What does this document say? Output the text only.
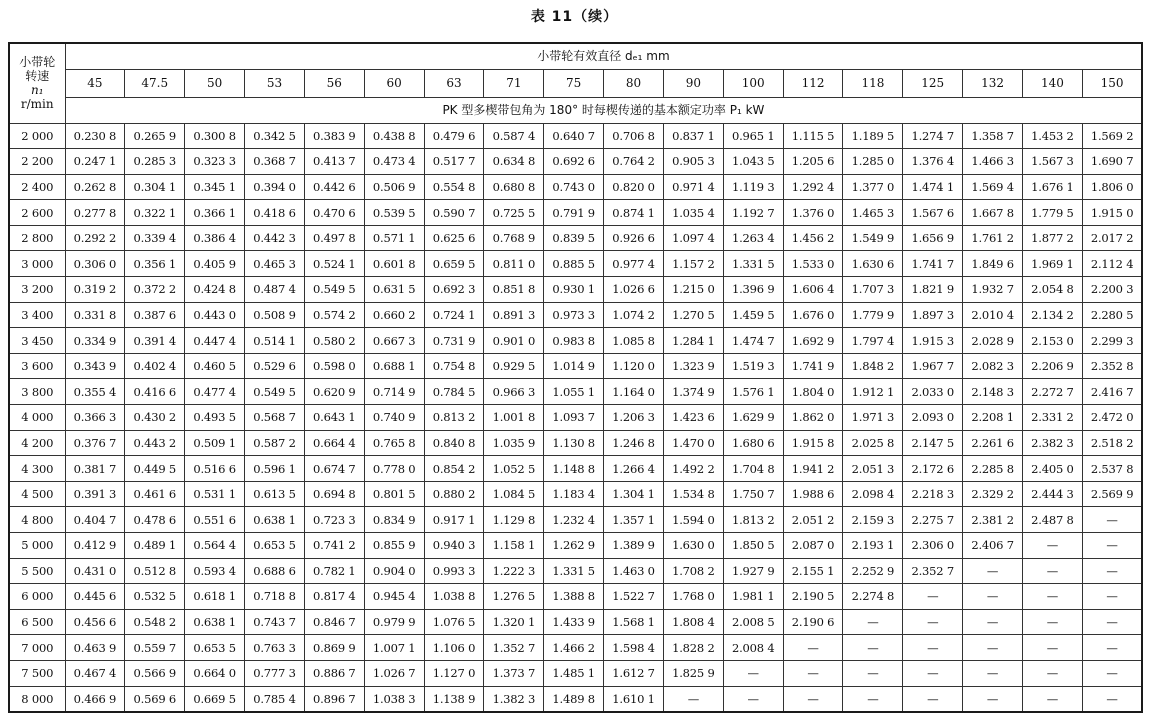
表 11（续）
小带轮
转速
n₁
r/min	小带轮有效直径 dₑ₁ mm																	
	45	47.5	50	53	56	60	63	71	75	80	90	100	112	118	125	132	140	150
	PK 型多楔带包角为 180° 时每楔传递的基本额定功率 P₁ kW																	
2 000	0.230 8	0.265 9	0.300 8	0.342 5	0.383 9	0.438 8	0.479 6	0.587 4	0.640 7	0.706 8	0.837 1	0.965 1	1.115 5	1.189 5	1.274 7	1.358 7	1.453 2	1.569 2
2 200	0.247 1	0.285 3	0.323 3	0.368 7	0.413 7	0.473 4	0.517 7	0.634 8	0.692 6	0.764 2	0.905 3	1.043 5	1.205 6	1.285 0	1.376 4	1.466 3	1.567 3	1.690 7
2 400	0.262 8	0.304 1	0.345 1	0.394 0	0.442 6	0.506 9	0.554 8	0.680 8	0.743 0	0.820 0	0.971 4	1.119 3	1.292 4	1.377 0	1.474 1	1.569 4	1.676 1	1.806 0
2 600	0.277 8	0.322 1	0.366 1	0.418 6	0.470 6	0.539 5	0.590 7	0.725 5	0.791 9	0.874 1	1.035 4	1.192 7	1.376 0	1.465 3	1.567 6	1.667 8	1.779 5	1.915 0
2 800	0.292 2	0.339 4	0.386 4	0.442 3	0.497 8	0.571 1	0.625 6	0.768 9	0.839 5	0.926 6	1.097 4	1.263 4	1.456 2	1.549 9	1.656 9	1.761 2	1.877 2	2.017 2
3 000	0.306 0	0.356 1	0.405 9	0.465 3	0.524 1	0.601 8	0.659 5	0.811 0	0.885 5	0.977 4	1.157 2	1.331 5	1.533 0	1.630 6	1.741 7	1.849 6	1.969 1	2.112 4
3 200	0.319 2	0.372 2	0.424 8	0.487 4	0.549 5	0.631 5	0.692 3	0.851 8	0.930 1	1.026 6	1.215 0	1.396 9	1.606 4	1.707 3	1.821 9	1.932 7	2.054 8	2.200 3
3 400	0.331 8	0.387 6	0.443 0	0.508 9	0.574 2	0.660 2	0.724 1	0.891 3	0.973 3	1.074 2	1.270 5	1.459 5	1.676 0	1.779 9	1.897 3	2.010 4	2.134 2	2.280 5
3 450	0.334 9	0.391 4	0.447 4	0.514 1	0.580 2	0.667 3	0.731 9	0.901 0	0.983 8	1.085 8	1.284 1	1.474 7	1.692 9	1.797 4	1.915 3	2.028 9	2.153 0	2.299 3
3 600	0.343 9	0.402 4	0.460 5	0.529 6	0.598 0	0.688 1	0.754 8	0.929 5	1.014 9	1.120 0	1.323 9	1.519 3	1.741 9	1.848 2	1.967 7	2.082 3	2.206 9	2.352 8
3 800	0.355 4	0.416 6	0.477 4	0.549 5	0.620 9	0.714 9	0.784 5	0.966 3	1.055 1	1.164 0	1.374 9	1.576 1	1.804 0	1.912 1	2.033 0	2.148 3	2.272 7	2.416 7
4 000	0.366 3	0.430 2	0.493 5	0.568 7	0.643 1	0.740 9	0.813 2	1.001 8	1.093 7	1.206 3	1.423 6	1.629 9	1.862 0	1.971 3	2.093 0	2.208 1	2.331 2	2.472 0
4 200	0.376 7	0.443 2	0.509 1	0.587 2	0.664 4	0.765 8	0.840 8	1.035 9	1.130 8	1.246 8	1.470 0	1.680 6	1.915 8	2.025 8	2.147 5	2.261 6	2.382 3	2.518 2
4 300	0.381 7	0.449 5	0.516 6	0.596 1	0.674 7	0.778 0	0.854 2	1.052 5	1.148 8	1.266 4	1.492 2	1.704 8	1.941 2	2.051 3	2.172 6	2.285 8	2.405 0	2.537 8
4 500	0.391 3	0.461 6	0.531 1	0.613 5	0.694 8	0.801 5	0.880 2	1.084 5	1.183 4	1.304 1	1.534 8	1.750 7	1.988 6	2.098 4	2.218 3	2.329 2	2.444 3	2.569 9
4 800	0.404 7	0.478 6	0.551 6	0.638 1	0.723 3	0.834 9	0.917 1	1.129 8	1.232 4	1.357 1	1.594 0	1.813 2	2.051 2	2.159 3	2.275 7	2.381 2	2.487 8	—
5 000	0.412 9	0.489 1	0.564 4	0.653 5	0.741 2	0.855 9	0.940 3	1.158 1	1.262 9	1.389 9	1.630 0	1.850 5	2.087 0	2.193 1	2.306 0	2.406 7	—	—
5 500	0.431 0	0.512 8	0.593 4	0.688 6	0.782 1	0.904 0	0.993 3	1.222 3	1.331 5	1.463 0	1.708 2	1.927 9	2.155 1	2.252 9	2.352 7	—	—	—
6 000	0.445 6	0.532 5	0.618 1	0.718 8	0.817 4	0.945 4	1.038 8	1.276 5	1.388 8	1.522 7	1.768 0	1.981 1	2.190 5	2.274 8	—	—	—	—
6 500	0.456 6	0.548 2	0.638 1	0.743 7	0.846 7	0.979 9	1.076 5	1.320 1	1.433 9	1.568 1	1.808 4	2.008 5	2.190 6	—	—	—	—	—
7 000	0.463 9	0.559 7	0.653 5	0.763 3	0.869 9	1.007 1	1.106 0	1.352 7	1.466 2	1.598 4	1.828 2	2.008 4	—	—	—	—	—	—
7 500	0.467 4	0.566 9	0.664 0	0.777 3	0.886 7	1.026 7	1.127 0	1.373 7	1.485 1	1.612 7	1.825 9	—	—	—	—	—	—	—
8 000	0.466 9	0.569 6	0.669 5	0.785 4	0.896 7	1.038 3	1.138 9	1.382 3	1.489 8	1.610 1	—	—	—	—	—	—	—	—
